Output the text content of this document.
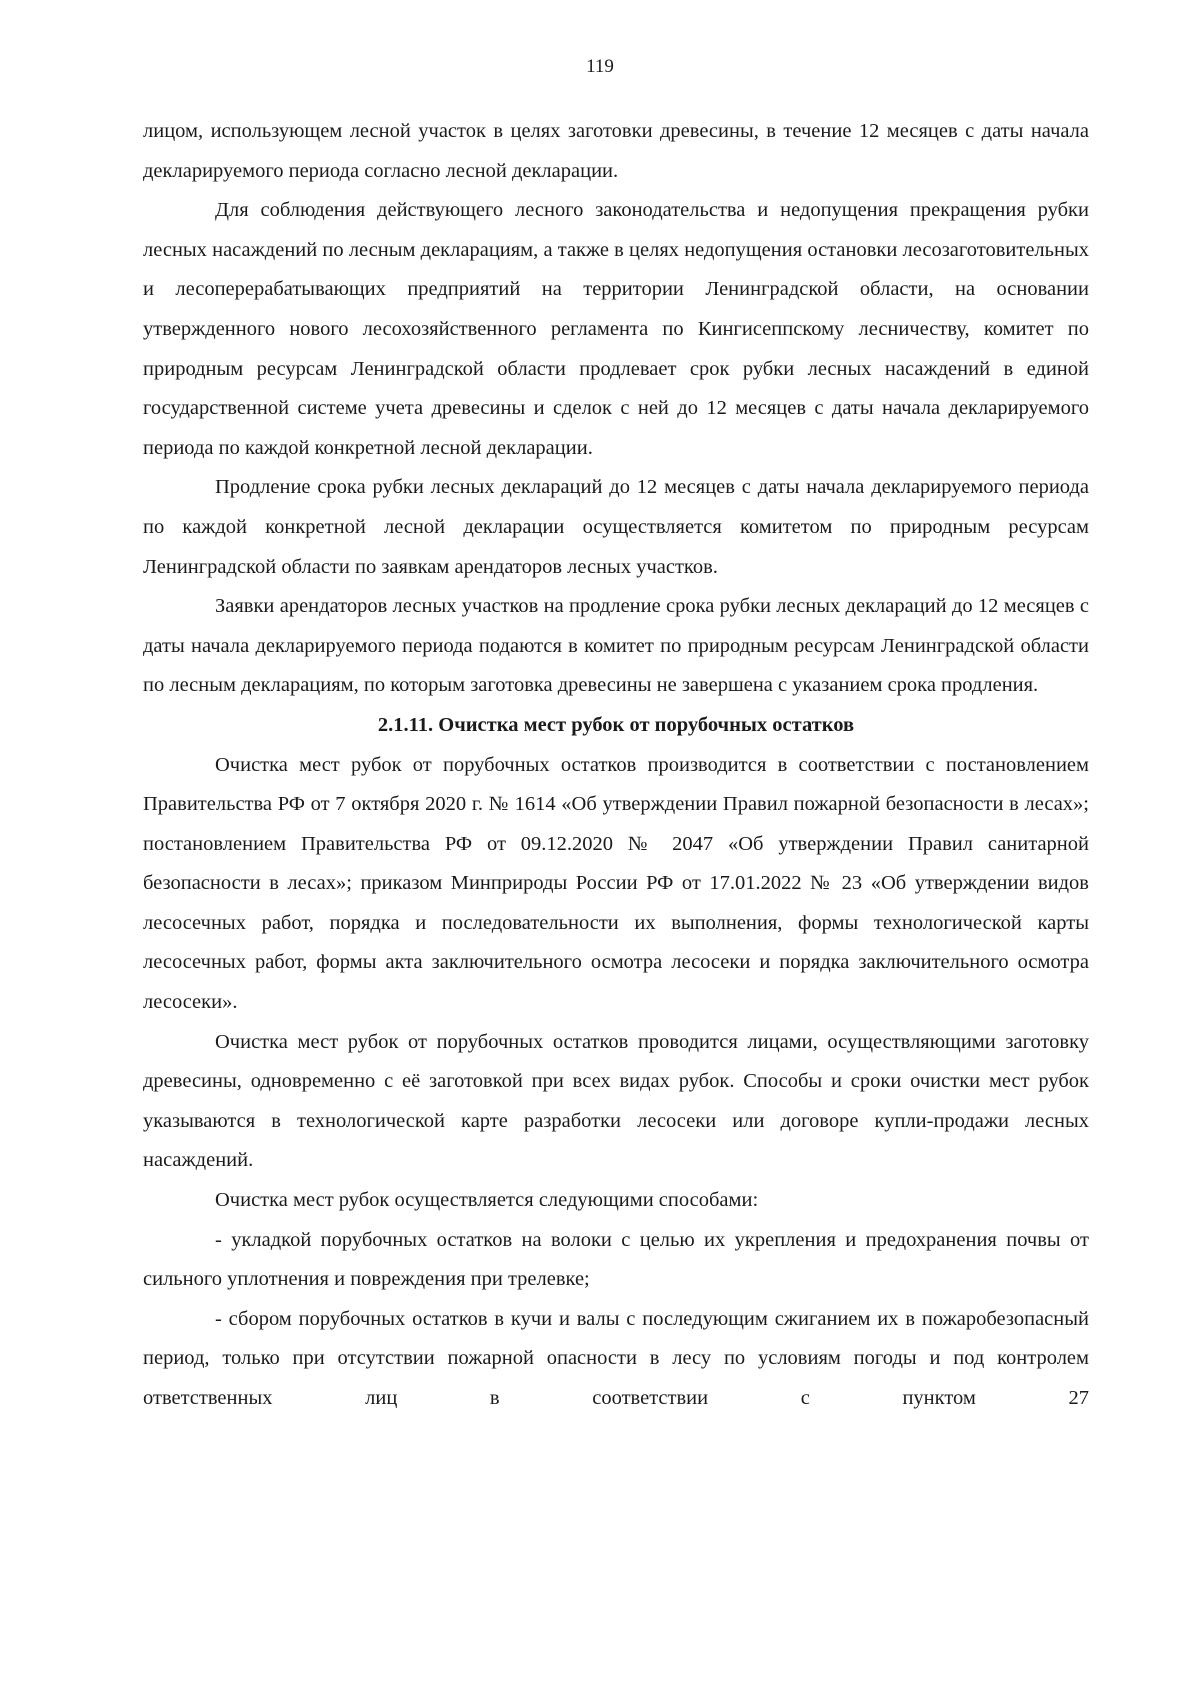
119

лицом, использующем лесной участок в целях заготовки древесины, в течение 12 месяцев с даты начала декларируемого периода согласно лесной декларации.

Для соблюдения действующего лесного законодательства и недопущения прекращения рубки лесных насаждений по лесным декларациям, а также в целях недопущения остановки лесозаготовительных и лесоперерабатывающих предприятий на территории Ленинградской области, на основании утвержденного нового лесохозяйственного регламента по Кингисеппскому лесничеству, комитет по природным ресурсам Ленинградской области продлевает срок рубки лесных насаждений в единой государственной системе учета древесины и сделок с ней до 12 месяцев с даты начала декларируемого периода по каждой конкретной лесной декларации.

Продление срока рубки лесных деклараций до 12 месяцев с даты начала декларируемого периода по каждой конкретной лесной декларации осуществляется комитетом по природным ресурсам Ленинградской области по заявкам арендаторов лесных участков.

Заявки арендаторов лесных участков на продление срока рубки лесных деклараций до 12 месяцев с даты начала декларируемого периода подаются в комитет по природным ресурсам Ленинградской области по лесным декларациям, по которым заготовка древесины не завершена с указанием срока продления.

2.1.11. Очистка мест рубок от порубочных остатков

Очистка мест рубок от порубочных остатков производится в соответствии с постановлением Правительства РФ от 7 октября 2020 г. № 1614 «Об утверждении Правил пожарной безопасности в лесах»; постановлением Правительства РФ от 09.12.2020 № 2047 «Об утверждении Правил санитарной безопасности в лесах»; приказом Минприроды России РФ от 17.01.2022 № 23 «Об утверждении видов лесосечных работ, порядка и последовательности их выполнения, формы технологической карты лесосечных работ, формы акта заключительного осмотра лесосеки и порядка заключительного осмотра лесосеки».

Очистка мест рубок от порубочных остатков проводится лицами, осуществляющими заготовку древесины, одновременно с её заготовкой при всех видах рубок. Способы и сроки очистки мест рубок указываются в технологической карте разработки лесосеки или договоре купли-продажи лесных насаждений.

Очистка мест рубок осуществляется следующими способами:

- укладкой порубочных остатков на волоки с целью их укрепления и предохранения почвы от сильного уплотнения и повреждения при трелевке;

- сбором порубочных остатков в кучи и валы с последующим сжиганием их в пожаробезопасный период, только при отсутствии пожарной опасности в лесу по условиям погоды и под контролем ответственных лиц в соответствии с пунктом 27
